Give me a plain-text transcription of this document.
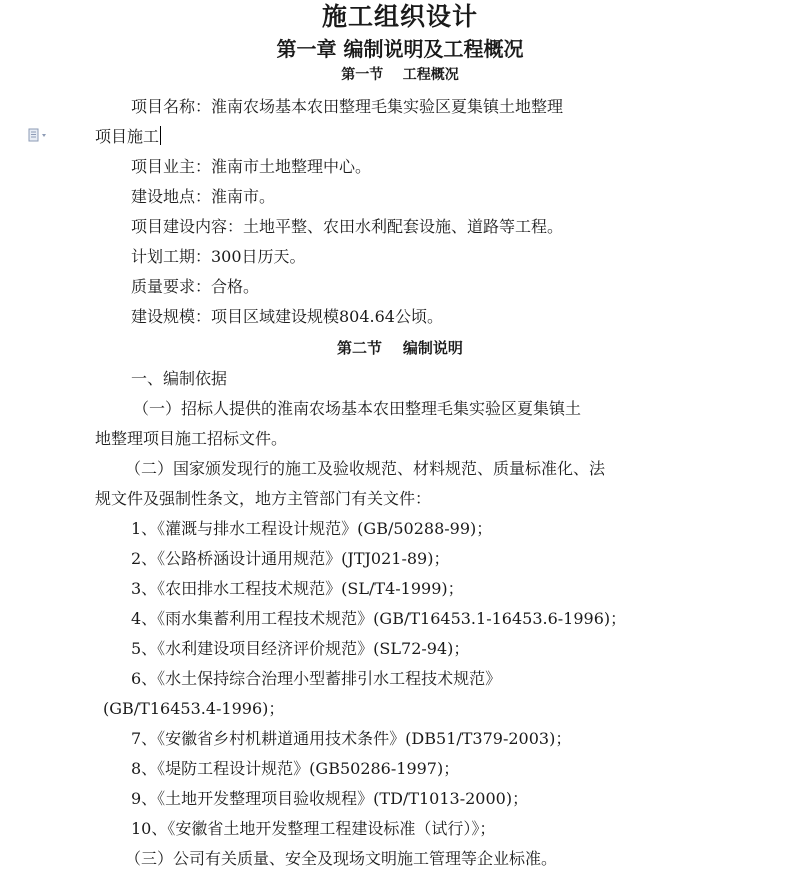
施工组织设计

第一章 编制说明及工程概况

第一节    工程概况

项目名称：淮南农场基本农田整理毛集实验区夏集镇土地整理

项目施工

项目业主：淮南市土地整理中心。

建设地点：淮南市。

项目建设内容：土地平整、农田水利配套设施、道路等工程。

计划工期：300日历天。

质量要求：合格。

建设规模：项目区域建设规模804.64公顷。

第二节    编制说明

一、编制依据

（一）招标人提供的淮南农场基本农田整理毛集实验区夏集镇土

地整理项目施工招标文件。

（二）国家颁发现行的施工及验收规范、材料规范、质量标准化、法

规文件及强制性条文，地方主管部门有关文件：

1、《灌溉与排水工程设计规范》(GB/50288-99)；

2、《公路桥涵设计通用规范》(JTJ021-89)；

3、《农田排水工程技术规范》(SL/T4-1999)；

4、《雨水集蓄利用工程技术规范》(GB/T16453.1-16453.6-1996)；

5、《水利建设项目经济评价规范》(SL72-94)；

6、《水土保持综合治理小型蓄排引水工程技术规范》

(GB/T16453.4-1996)；

7、《安徽省乡村机耕道通用技术条件》(DB51/T379-2003)；

8、《堤防工程设计规范》(GB50286-1997)；

9、《土地开发整理项目验收规程》(TD/T1013-2000)；

10、《安徽省土地开发整理工程建设标准（试行）》；

（三）公司有关质量、安全及现场文明施工管理等企业标准。
